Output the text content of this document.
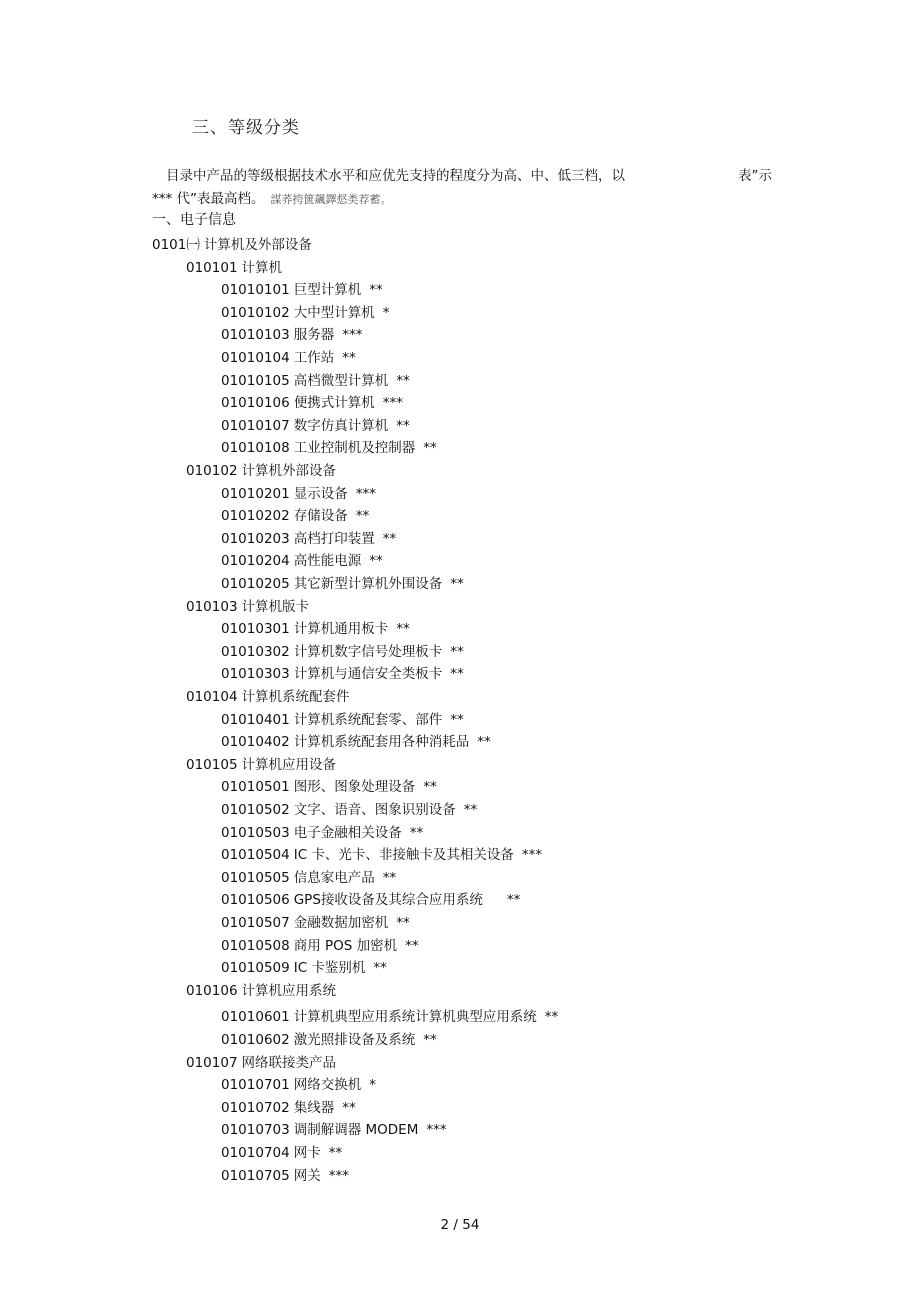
三、等级分类
目录中产品的等级根据技术水平和应优先支持的程度分为高、中、低三档，以	表”示
*** 代”表最高档。 謀荞挎篋飆鐸惄类荐蓄。
一、电子信息
0101㈠ 计算机及外部设备
010101 计算机
01010101 巨型计算机 **
01010102 大中型计算机 *
01010103 服务器 ***
01010104 工作站 **
01010105 高档微型计算机 **
01010106 便携式计算机 ***
01010107 数字仿真计算机 **
01010108 工业控制机及控制器 **
010102 计算机外部设备
01010201 显示设备 ***
01010202 存储设备 **
01010203 高档打印装置 **
01010204 高性能电源 **
01010205 其它新型计算机外围设备 **
010103 计算机版卡
01010301 计算机通用板卡 **
01010302 计算机数字信号处理板卡 **
01010303 计算机与通信安全类板卡 **
010104 计算机系统配套件
01010401 计算机系统配套零、部件 **
01010402 计算机系统配套用各种消耗品 **
010105 计算机应用设备
01010501 图形、图象处理设备 **
01010502 文字、语音、图象识别设备 **
01010503 电子金融相关设备 **
01010504 IC 卡、光卡、非接触卡及其相关设备 ***
01010505 信息家电产品 **
01010506 GPS接收设备及其综合应用系统 **
01010507 金融数据加密机 **
01010508 商用 POS 加密机 **
01010509 IC 卡鉴别机 **
010106 计算机应用系统
01010601 计算机典型应用系统计算机典型应用系统 **
01010602 激光照排设备及系统 **
010107 网络联接类产品
01010701 网络交换机 *
01010702 集线器 **
01010703 调制解调器 MODEM ***
01010704 网卡 **
01010705 网关 ***
2 / 54
